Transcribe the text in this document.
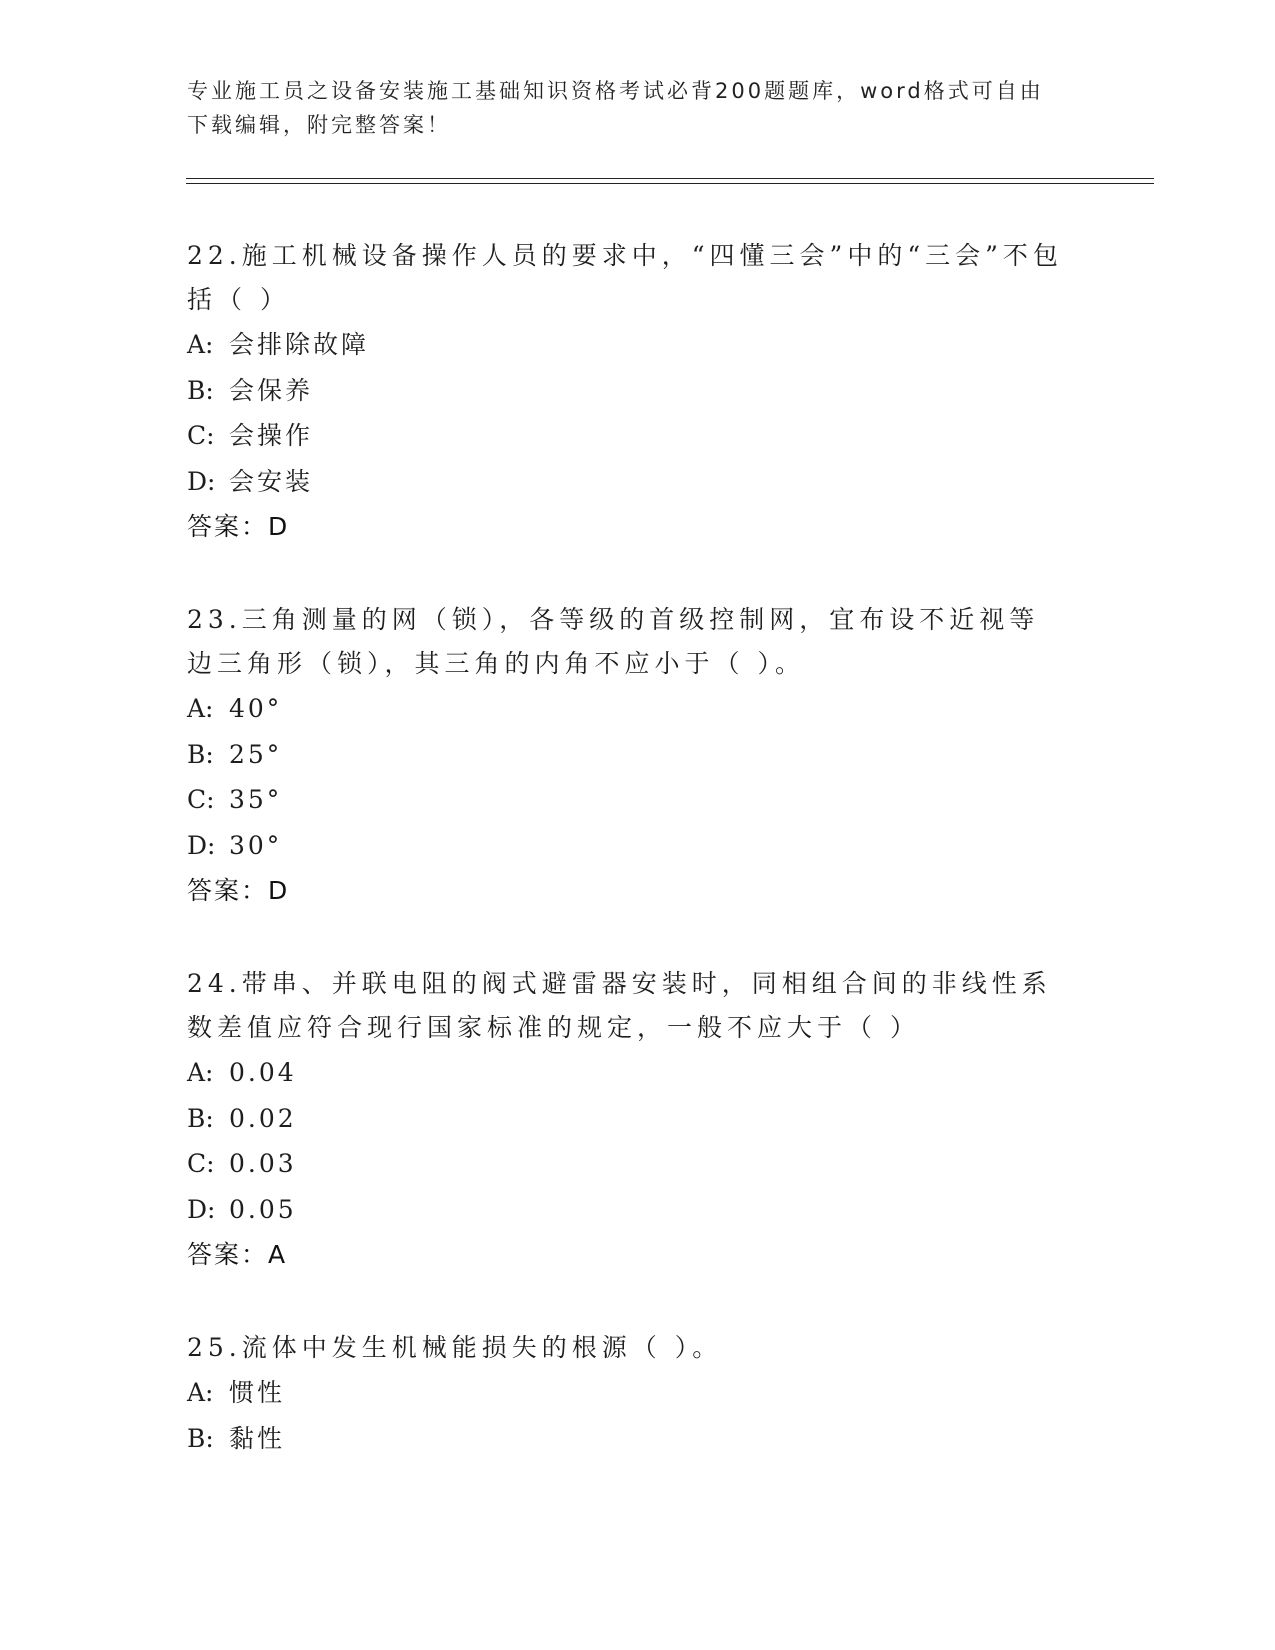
专业施工员之设备安装施工基础知识资格考试必背200题题库，word格式可自由下载编辑，附完整答案！

22.施工机械设备操作人员的要求中，“四懂三会”中的“三会”不包括（ ）

A: 会排除故障

B: 会保养

C: 会操作

D: 会安装

答案：D

23.三角测量的网（锁），各等级的首级控制网，宜布设不近视等边三角形（锁），其三角的内角不应小于（ ）。

A: 40°

B: 25°

C: 35°

D: 30°

答案：D

24.带串、并联电阻的阀式避雷器安装时，同相组合间的非线性系数差值应符合现行国家标准的规定，一般不应大于（ ）

A: 0.04

B: 0.02

C: 0.03

D: 0.05

答案：A

25.流体中发生机械能损失的根源（ ）。

A: 惯性

B: 黏性
